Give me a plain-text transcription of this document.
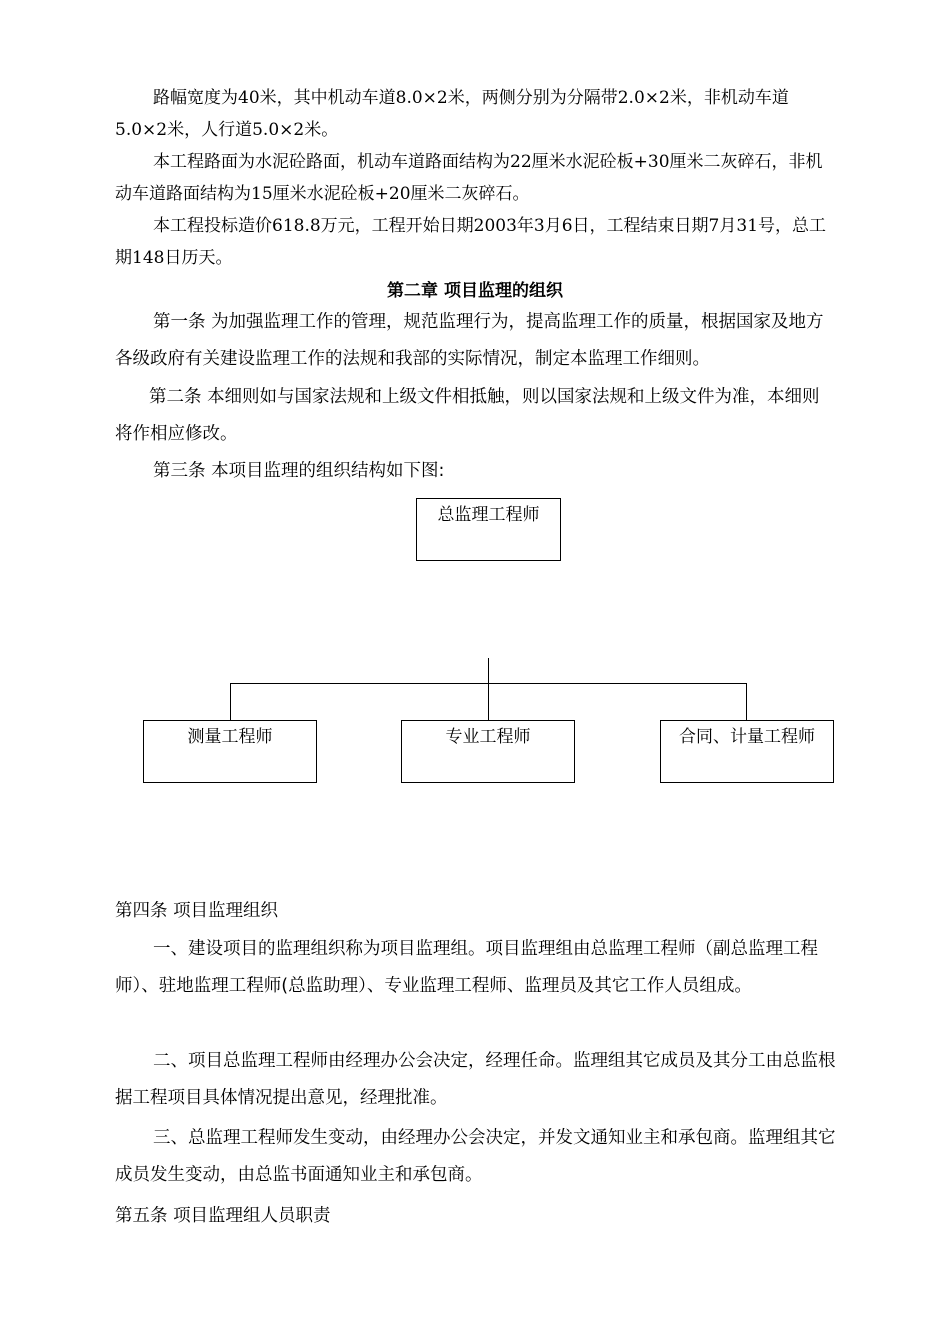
路幅宽度为40米，其中机动车道8.0×2米，两侧分别为分隔带2.0×2米，非机动车道5.0×2米，人行道5.0×2米。

本工程路面为水泥砼路面，机动车道路面结构为22厘米水泥砼板+30厘米二灰碎石，非机动车道路面结构为15厘米水泥砼板+20厘米二灰碎石。

本工程投标造价618.8万元，工程开始日期2003年3月6日，工程结束日期7月31号，总工期148日历天。

第二章 项目监理的组织

第一条 为加强监理工作的管理，规范监理行为，提高监理工作的质量，根据国家及地方各级政府有关建设监理工作的法规和我部的实际情况，制定本监理工作细则。

第二条 本细则如与国家法规和上级文件相抵触，则以国家法规和上级文件为准，本细则将作相应修改。

第三条 本项目监理的组织结构如下图:

总监理工程师
测量工程师	专业工程师	合同、计量工程师

第四条 项目监理组织

一、建设项目的监理组织称为项目监理组。项目监理组由总监理工程师（副总监理工程师）、驻地监理工程师(总监助理）、专业监理工程师、监理员及其它工作人员组成。

二、项目总监理工程师由经理办公会决定，经理任命。监理组其它成员及其分工由总监根据工程项目具体情况提出意见，经理批准。

三、总监理工程师发生变动，由经理办公会决定，并发文通知业主和承包商。监理组其它成员发生变动，由总监书面通知业主和承包商。

第五条 项目监理组人员职责
